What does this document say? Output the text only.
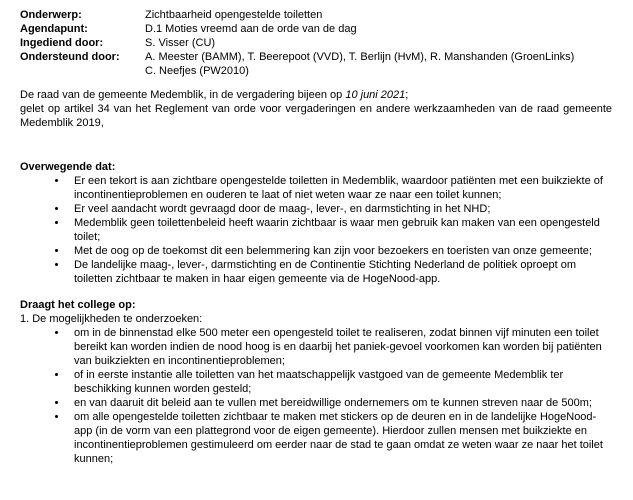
Onderwerp:	Zichtbaarheid opengestelde toiletten
Agendapunt:	D.1 Moties vreemd aan de orde van de dag
Ingediend door:	S. Visser (CU)
Ondersteund door:	A. Meester (BAMM), T. Beerepoot (VVD), T. Berlijn (HvM), R. Manshanden (GroenLinks)
C. Neefjes (PW2010)

De raad van de gemeente Medemblik, in de vergadering bijeen op 10 juni 2021;

gelet op artikel 34 van het Reglement van orde voor vergaderingen en andere werkzaamheden van de raad gemeente Medemblik 2019,

Overwegende dat:

• Er een tekort is aan zichtbare opengestelde toiletten in Medemblik, waardoor patiënten met een buikziekte of incontinentieproblemen en ouderen te laat of niet weten waar ze naar een toilet kunnen;
• Er veel aandacht wordt gevraagd door de maag-, lever-, en darmstichting in het NHD;
• Medemblik geen toilettenbeleid heeft waarin zichtbaar is waar men gebruik kan maken van een opengesteld toilet;
• Met de oog op de toekomst dit een belemmering kan zijn voor bezoekers en toeristen van onze gemeente;
• De landelijke maag-, lever-, darmstichting en de Continentie Stichting Nederland de politiek oproept om toiletten zichtbaar te maken in haar eigen gemeente via de HogeNood-app.

Draagt het college op:

1. De mogelijkheden te onderzoeken:

• om in de binnenstad elke 500 meter een opengesteld toilet te realiseren, zodat binnen vijf minuten een toilet bereikt kan worden indien de nood hoog is en daarbij het paniek-gevoel voorkomen kan worden bij patiënten van buikziekten en incontinentieproblemen;
• of in eerste instantie alle toiletten van het maatschappelijk vastgoed van de gemeente Medemblik ter beschikking kunnen worden gesteld;
• en van daaruit dit beleid aan te vullen met bereidwillige ondernemers om te kunnen streven naar de 500m;
• om alle opengestelde toiletten zichtbaar te maken met stickers op de deuren en in de landelijke HogeNood-app (in de vorm van een plattegrond voor de eigen gemeente). Hierdoor zullen mensen met buikziekte en incontinentieproblemen gestimuleerd om eerder naar de stad te gaan omdat ze weten waar ze naar het toilet kunnen;
